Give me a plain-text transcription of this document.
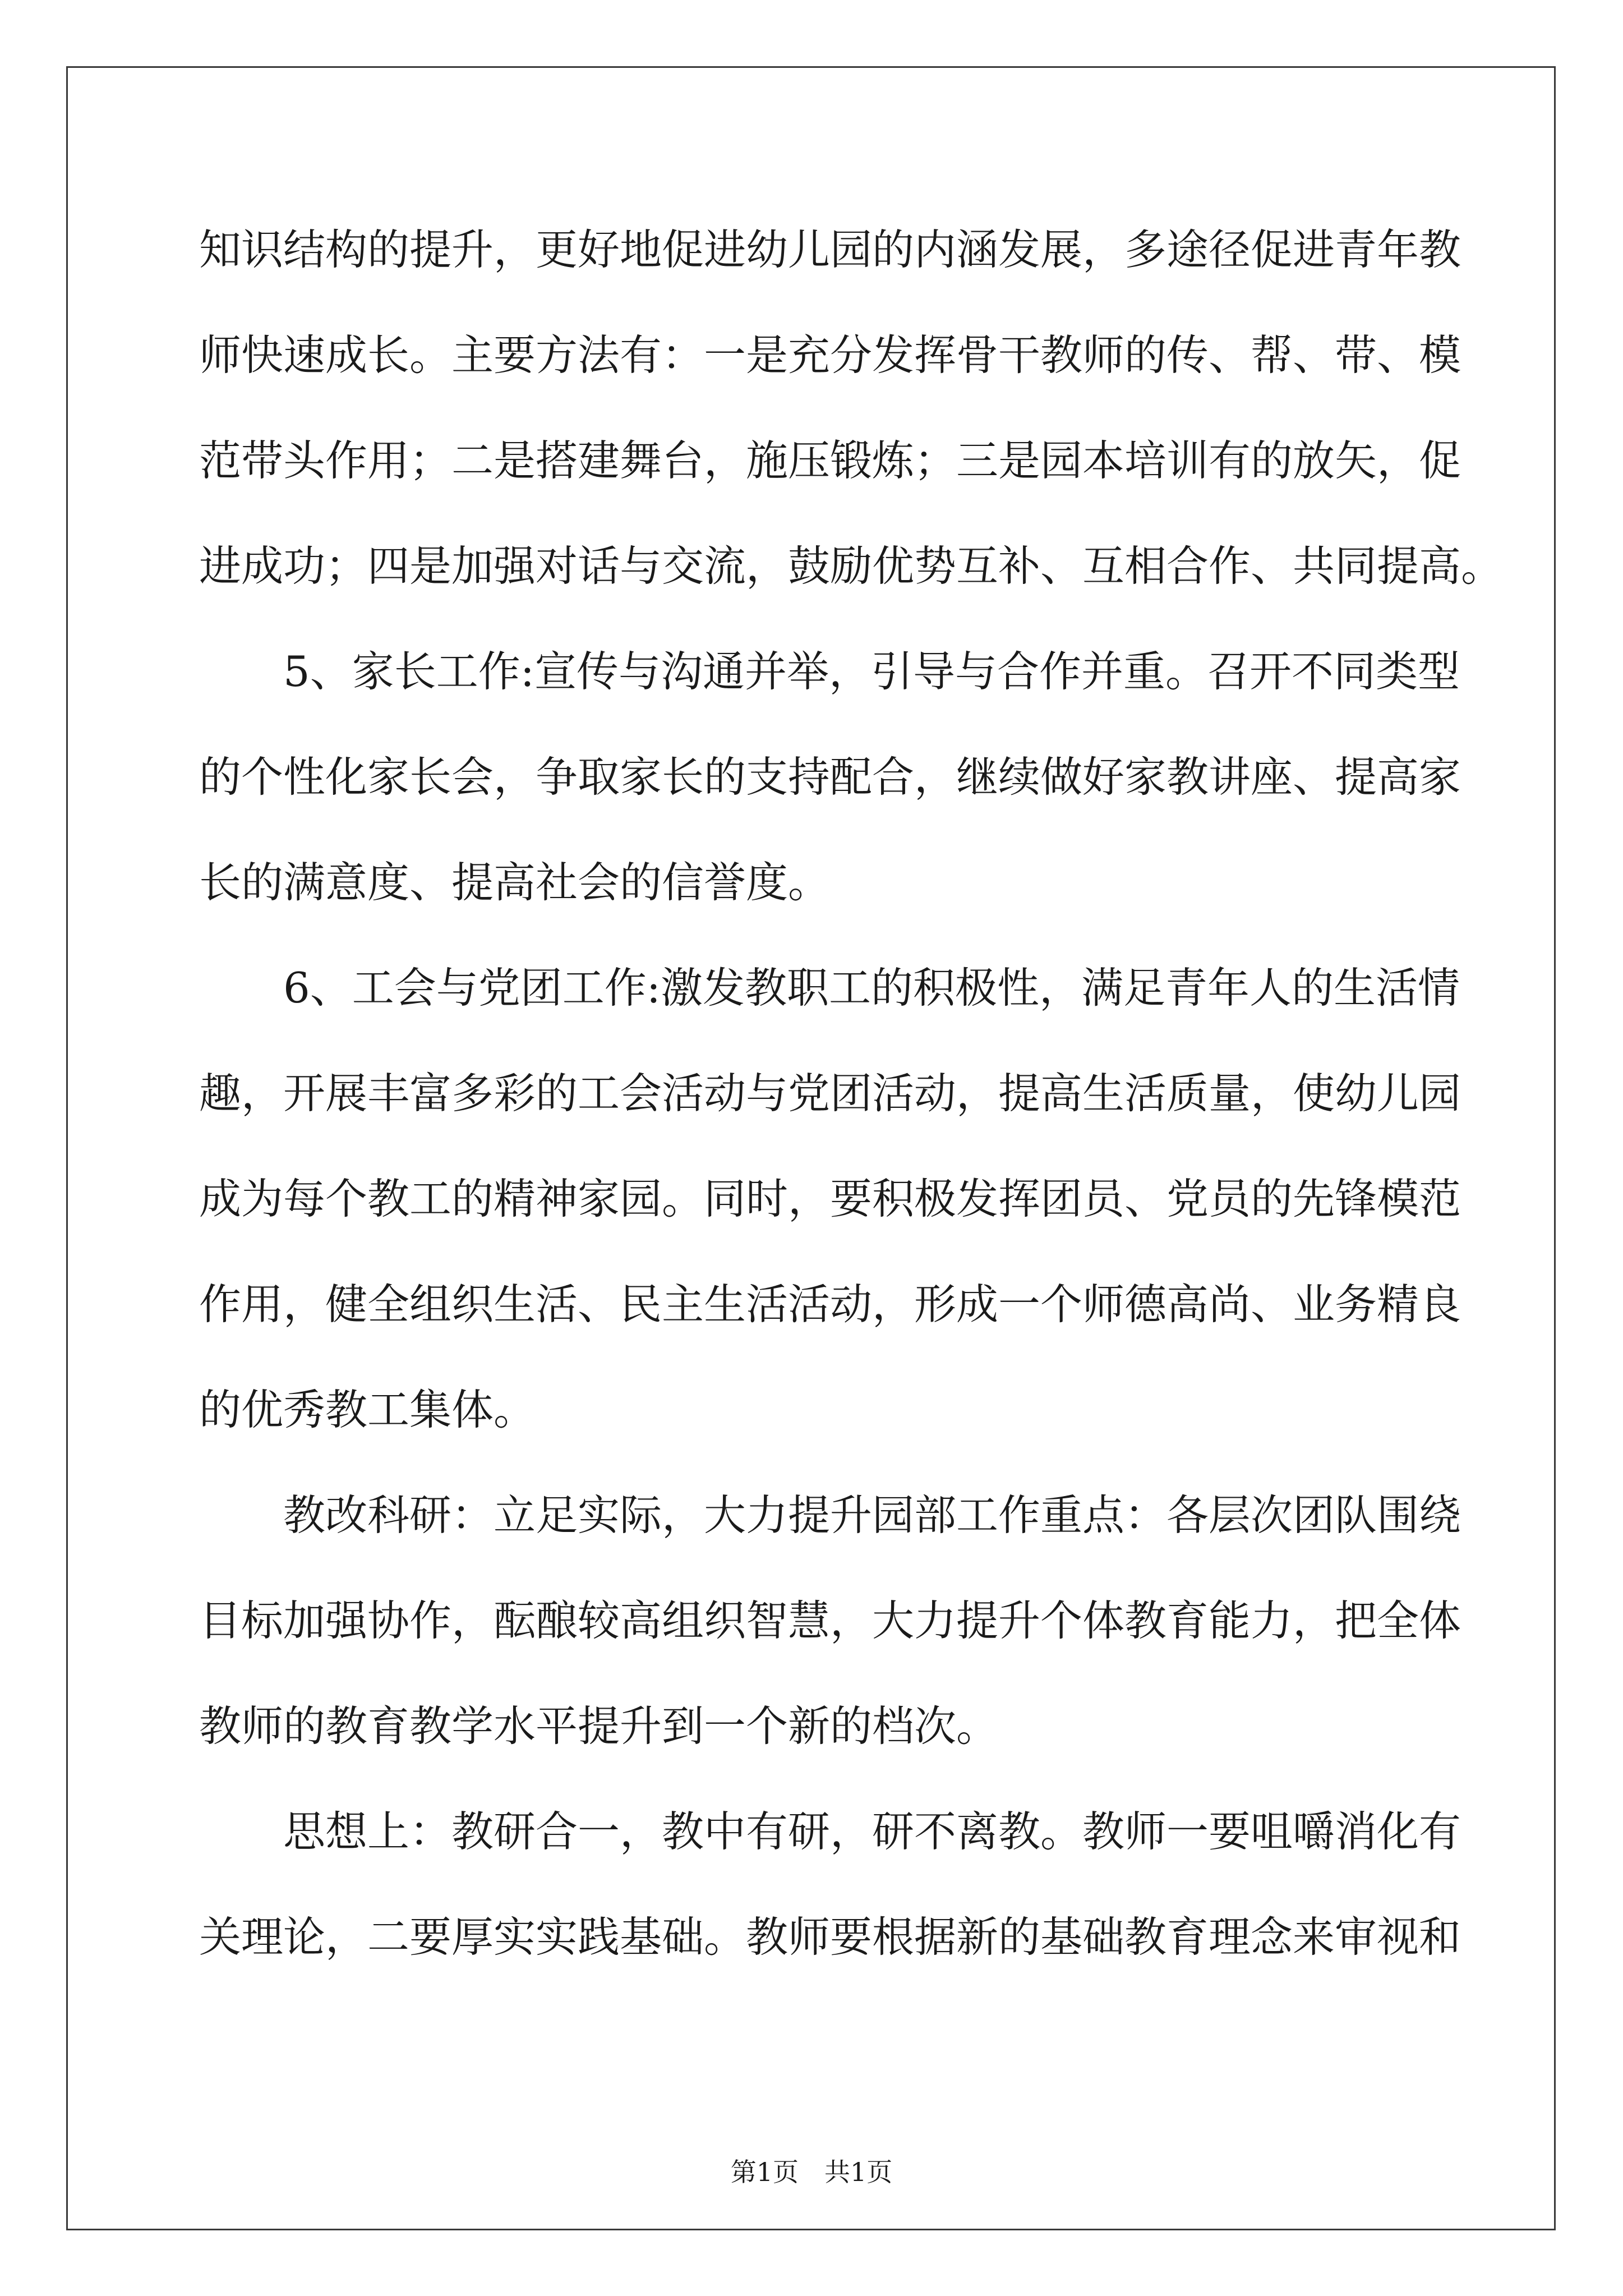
知识结构的提升，更好地促进幼儿园的内涵发展，多途径促进青年教
师快速成长。主要方法有：一是充分发挥骨干教师的传、帮、带、模
范带头作用；二是搭建舞台，施压锻炼；三是园本培训有的放矢，促
进成功；四是加强对话与交流，鼓励优势互补、互相合作、共同提高。
　　5、家长工作:宣传与沟通并举，引导与合作并重。召开不同类型
的个性化家长会，争取家长的支持配合，继续做好家教讲座、提高家
长的满意度、提高社会的信誉度。
　　6、工会与党团工作:激发教职工的积极性，满足青年人的生活情
趣，开展丰富多彩的工会活动与党团活动，提高生活质量，使幼儿园
成为每个教工的精神家园。同时，要积极发挥团员、党员的先锋模范
作用，健全组织生活、民主生活活动，形成一个师德高尚、业务精良
的优秀教工集体。
　　教改科研：立足实际，大力提升园部工作重点：各层次团队围绕
目标加强协作，酝酿较高组织智慧，大力提升个体教育能力，把全体
教师的教育教学水平提升到一个新的档次。
　　思想上：教研合一，教中有研，研不离教。教师一要咀嚼消化有
关理论，二要厚实实践基础。教师要根据新的基础教育理念来审视和
第1页　共1页
